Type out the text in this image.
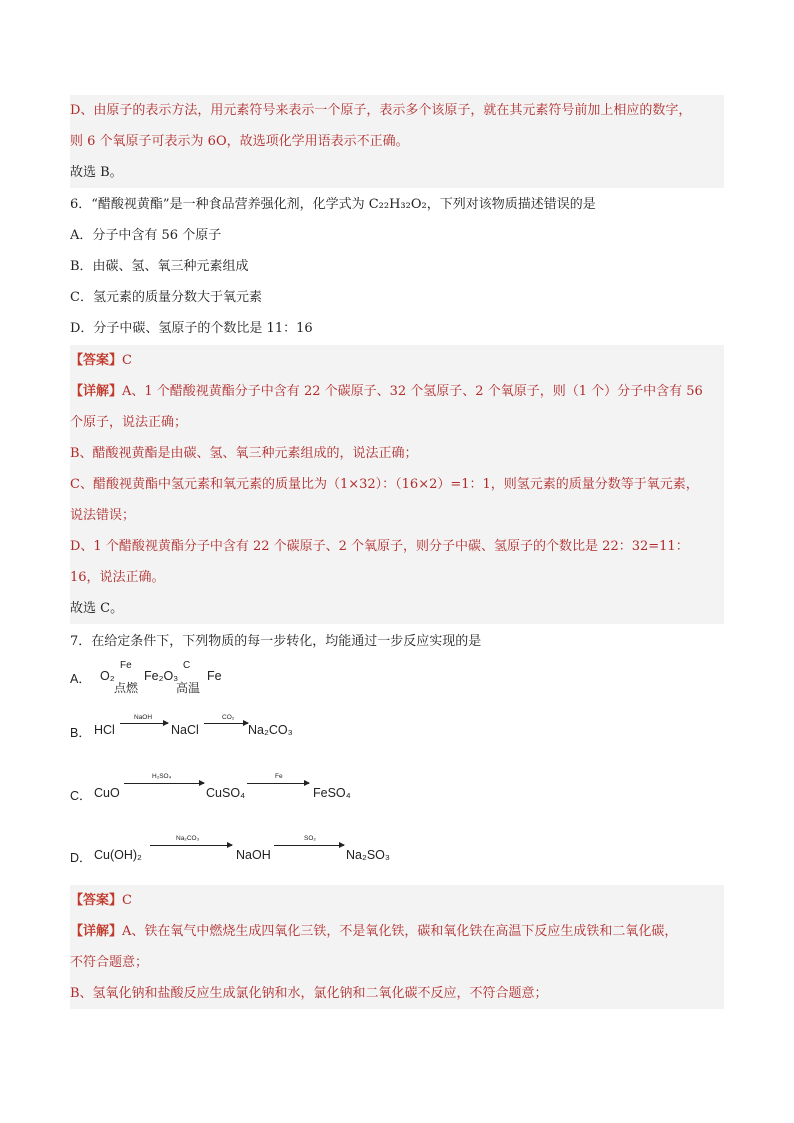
D、由原子的表示方法，用元素符号来表示一个原子，表示多个该原子，就在其元素符号前加上相应的数字，
则 6 个氧原子可表示为 6O，故选项化学用语表示不正确。
故选 B。
6．“醋酸视黄酯”是一种食品营养强化剂，化学式为 C₂₂H₃₂O₂，下列对该物质描述错误的是
A．分子中含有 56 个原子
B．由碳、氢、氧三种元素组成
C．氢元素的质量分数大于氧元素
D．分子中碳、氢原子的个数比是 11：16
【答案】C
【详解】A、1 个醋酸视黄酯分子中含有 22 个碳原子、32 个氢原子、2 个氧原子，则（1 个）分子中含有 56
个原子，说法正确；
B、醋酸视黄酯是由碳、氢、氧三种元素组成的，说法正确；
C、醋酸视黄酯中氢元素和氧元素的质量比为（1×32）：（16×2）=1：1，则氢元素的质量分数等于氧元素，
说法错误；
D、1 个醋酸视黄酯分子中含有 22 个碳原子、2 个氧原子，则分子中碳、氢原子的个数比是 22：32=11：
16，说法正确。
故选 C。
7．在给定条件下，下列物质的每一步转化，均能通过一步反应实现的是
A． O₂
Fe
点燃
Fe₂O₃
C
高温
Fe
B． HCl
NaOH
→ NaCl
CO₂
→ Na₂CO₃
C． CuO
H₂SO₄
CuSO₄
Fe
FeSO₄
D． Cu(OH)₂
Na₂CO₃
NaOH
SO₂
Na₂SO₃
【答案】C
【详解】A、铁在氧气中燃烧生成四氧化三铁，不是氧化铁，碳和氧化铁在高温下反应生成铁和二氧化碳，
不符合题意；
B、氢氧化钠和盐酸反应生成氯化钠和水，氯化钠和二氧化碳不反应，不符合题意；
